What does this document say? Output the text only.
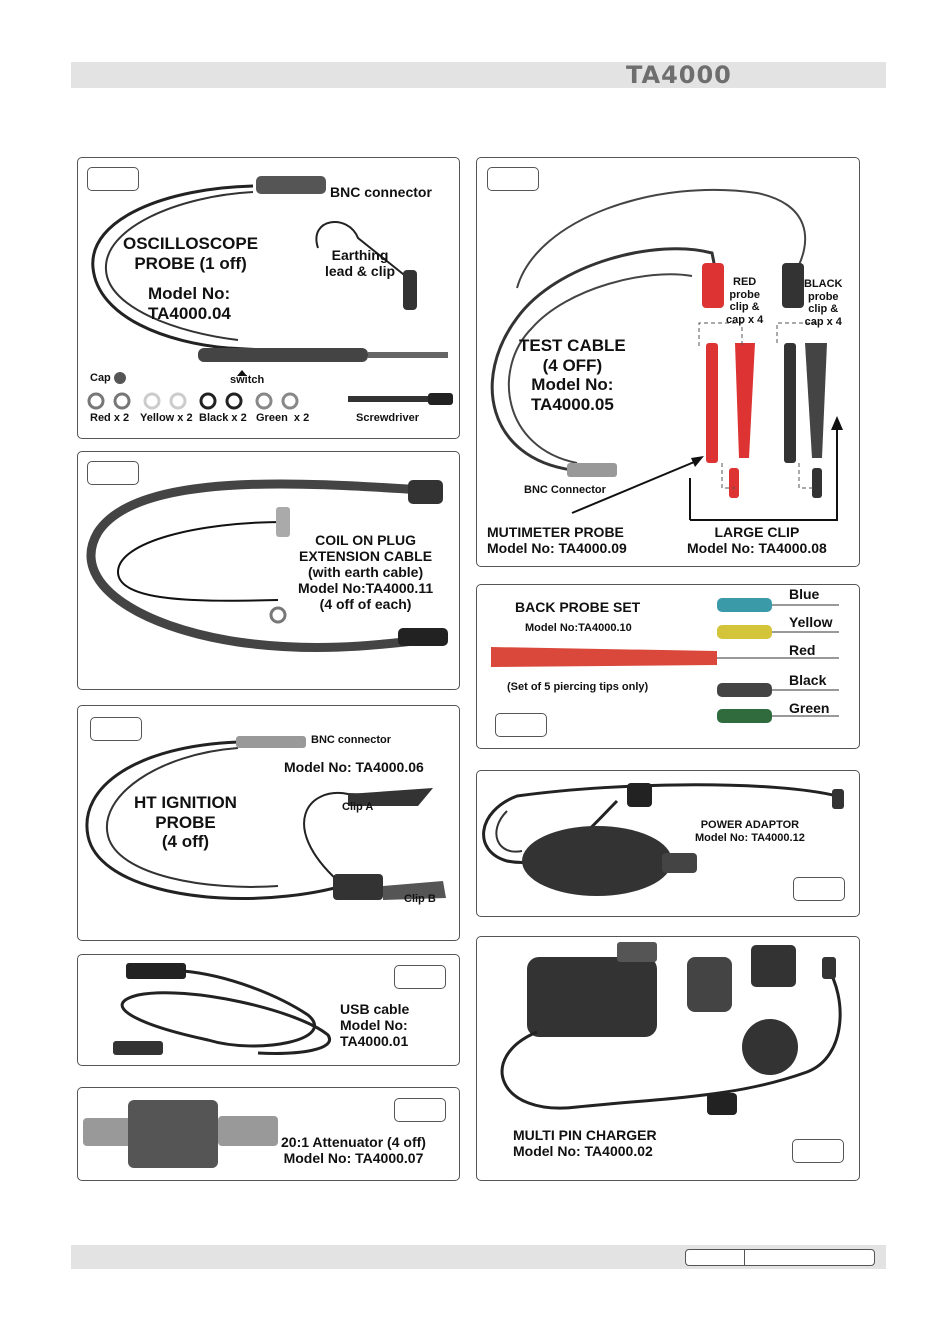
TA4000
BNC connector
OSCILLOSCOPE
PROBE (1 off)
Model No:
TA4000.04
Earthing
lead & clip
Cap	switch
Screwdriver
Red x 2 Yellow x 2 Black x 2 Green  x 2
TEST CABLE
(4 OFF)
Model No:
TA4000.05
RED
probe
clip &
cap x 4
BLACK
probe
clip &
cap x 4
BNC Connector
MUTIMETER PROBE
Model No: TA4000.09
LARGE CLIP
Model No: TA4000.08
COIL ON PLUG
EXTENSION CABLE
(with earth cable)
Model No:TA4000.11
(4 off of each)	BACK PROBE SET
Model No:TA4000.10
(Set of 5 piercing tips only)
Blue
Yellow
Red
Black
Green
BNC connector
Model No: TA4000.06
HT IGNITION
PROBE
(4 off)
Clip A
Clip B
POWER ADAPTOR
Model No: TA4000.12
USB cable
Model No:
TA4000.01
MULTI PIN CHARGER
Model No: TA4000.02
20:1 Attenuator (4 off)
Model No: TA4000.07
